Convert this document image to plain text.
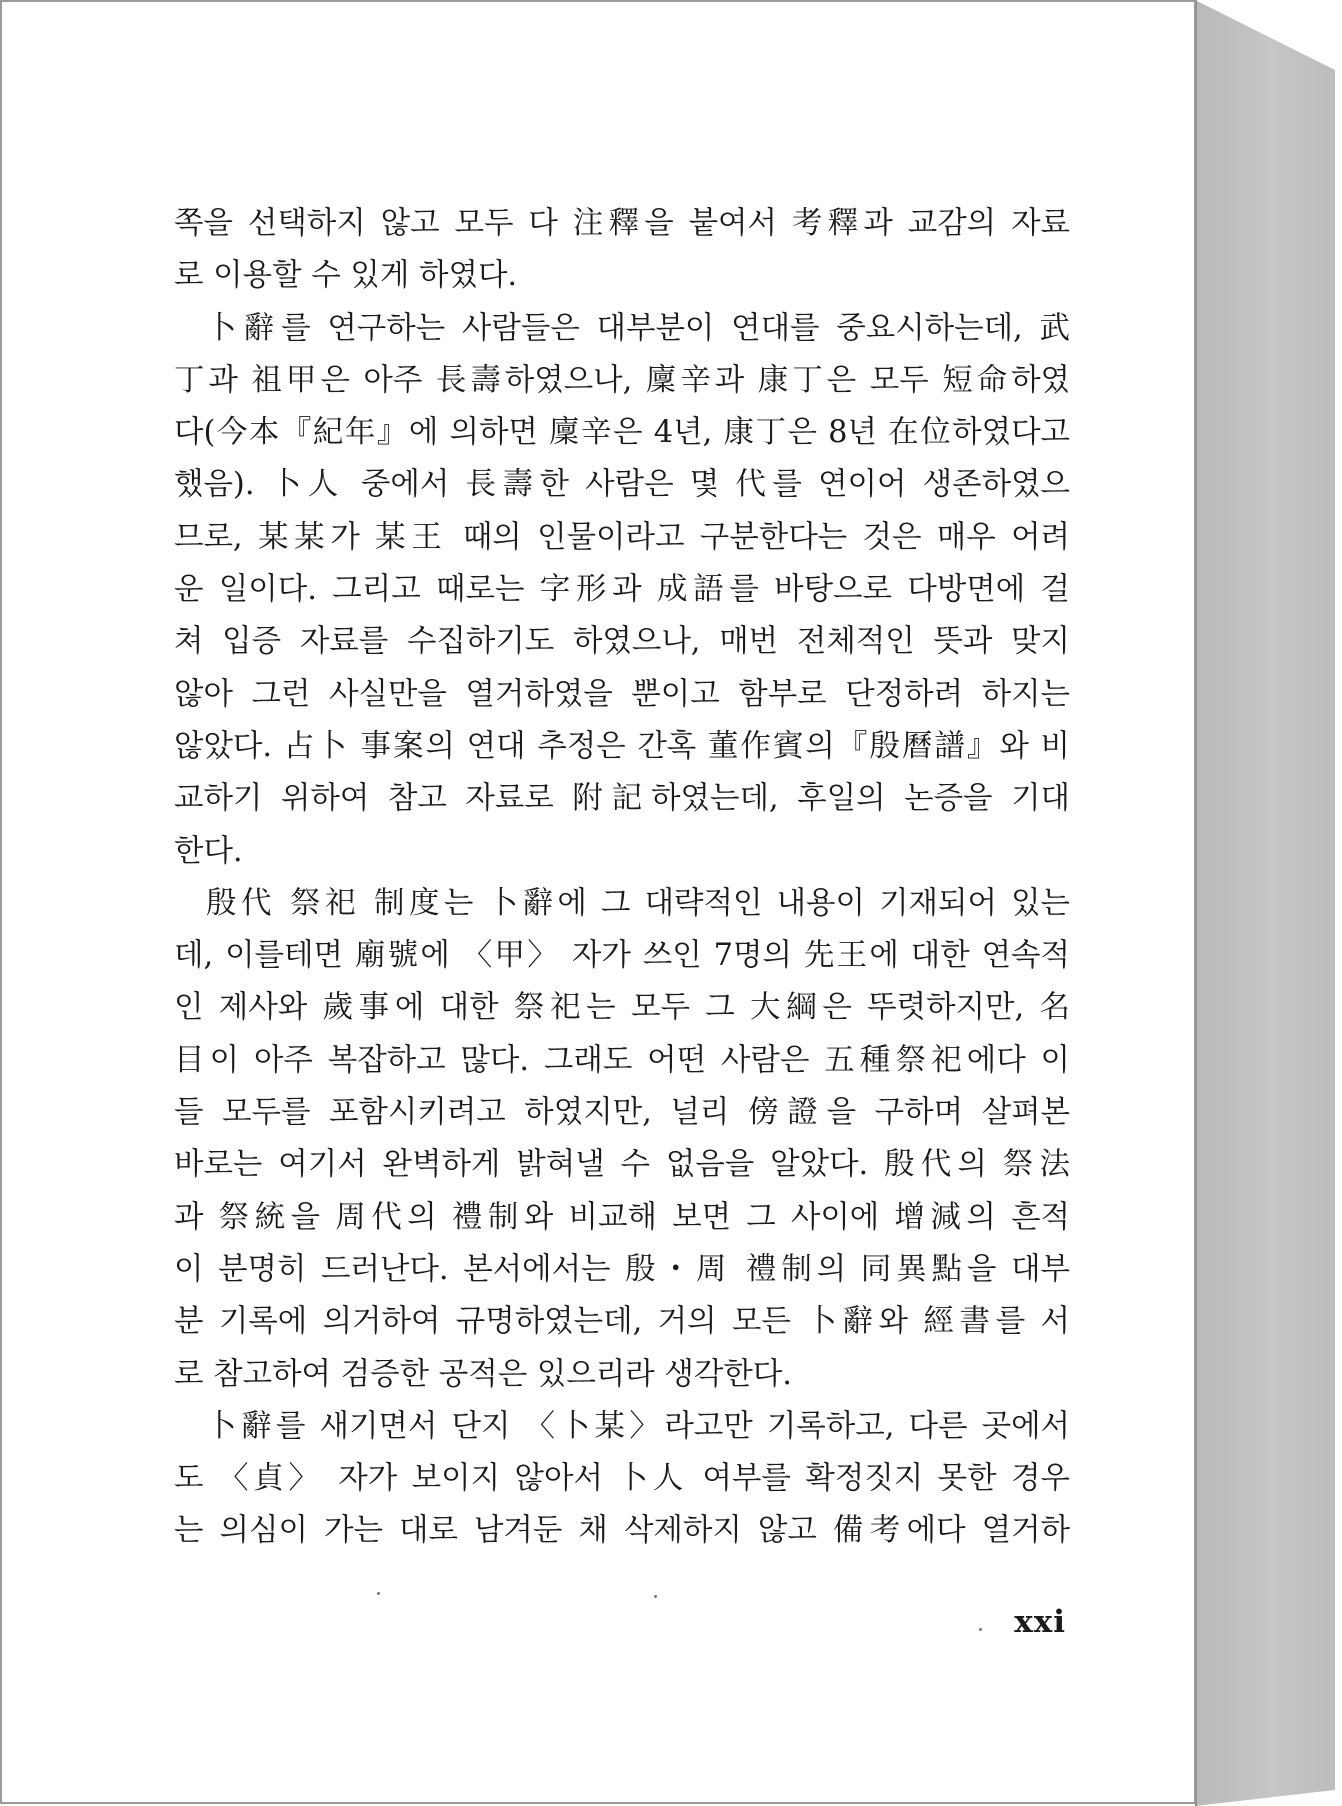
쪽을 선택하지 않고 모두 다 注釋을 붙여서 考釋과 교감의 자료
로 이용할 수 있게 하였다.
卜辭를 연구하는 사람들은 대부분이 연대를 중요시하는데, 武
丁과 祖甲은 아주 長壽하였으나, 廩辛과 康丁은 모두 短命하였
다(今本『紀年』에 의하면 廩辛은 4년, 康丁은 8년 在位하였다고
했음). 卜人 중에서 長壽한 사람은 몇 代를 연이어 생존하였으
므로, 某某가 某王 때의 인물이라고 구분한다는 것은 매우 어려
운 일이다. 그리고 때로는 字形과 成語를 바탕으로 다방면에 걸
쳐 입증 자료를 수집하기도 하였으나, 매번 전체적인 뜻과 맞지
않아 그런 사실만을 열거하였을 뿐이고 함부로 단정하려 하지는
않았다. 占卜 事案의 연대 추정은 간혹 董作賓의『殷曆譜』와 비
교하기 위하여 참고 자료로 附記하였는데, 후일의 논증을 기대
한다.
殷代 祭祀 制度는 卜辭에 그 대략적인 내용이 기재되어 있는
데, 이를테면 廟號에 〈甲〉 자가 쓰인 7명의 先王에 대한 연속적
인 제사와 歲事에 대한 祭祀는 모두 그 大綱은 뚜렷하지만, 名
目이 아주 복잡하고 많다. 그래도 어떤 사람은 五種祭祀에다 이
들 모두를 포함시키려고 하였지만, 널리 傍證을 구하며 살펴본
바로는 여기서 완벽하게 밝혀낼 수 없음을 알았다. 殷代의 祭法
과 祭統을 周代의 禮制와 비교해 보면 그 사이에 增減의 흔적
이 분명히 드러난다. 본서에서는 殷・周 禮制의 同異點을 대부
분 기록에 의거하여 규명하였는데, 거의 모든 卜辭와 經書를 서
로 참고하여 검증한 공적은 있으리라 생각한다.
卜辭를 새기면서 단지 〈卜某〉라고만 기록하고, 다른 곳에서
도 〈貞〉 자가 보이지 않아서 卜人 여부를 확정짓지 못한 경우
는 의심이 가는 대로 남겨둔 채 삭제하지 않고 備考에다 열거하
xxi
